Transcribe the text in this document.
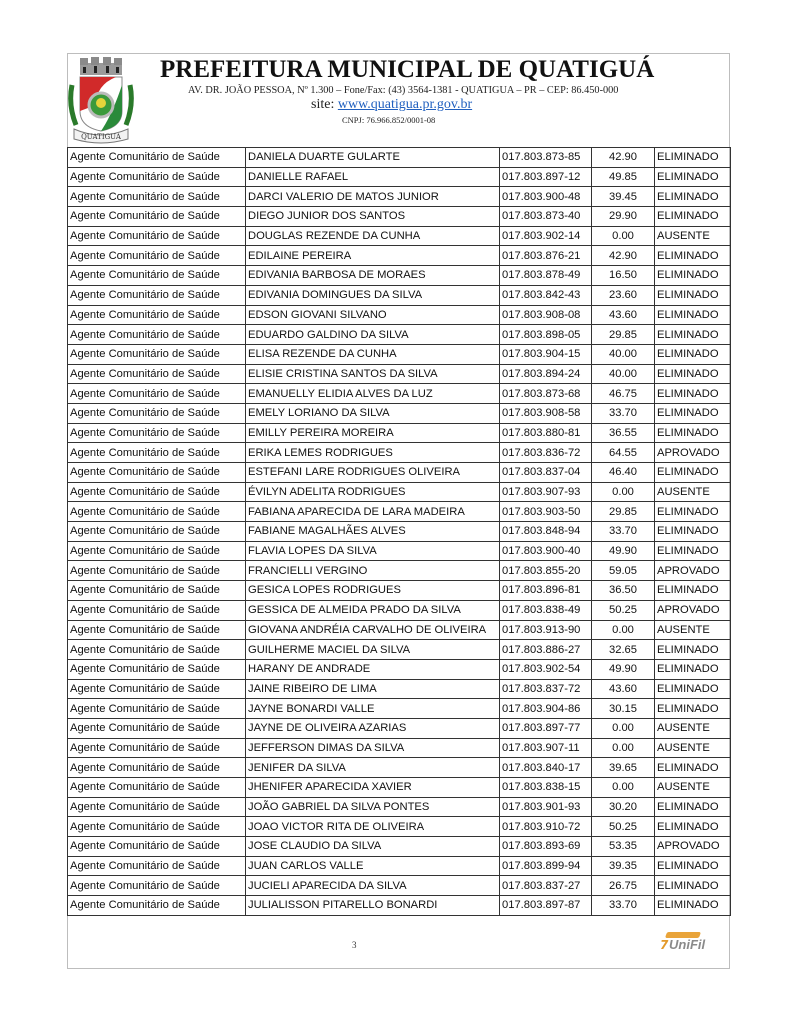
QUATIGUA
PREFEITURA MUNICIPAL DE QUATIGUÁ
AV. DR. JOÃO PESSOA, Nº 1.300 – Fone/Fax: (43) 3564-1381 - QUATIGUA – PR – CEP: 86.450-000
site: www.quatigua.pr.gov.br
CNPJ: 76.966.852/0001-08
Agente Comunitário de Saúde	DANIELA DUARTE GULARTE	017.803.873-85	42.90	ELIMINADO
Agente Comunitário de Saúde	DANIELLE RAFAEL	017.803.897-12	49.85	ELIMINADO
Agente Comunitário de Saúde	DARCI VALERIO DE MATOS JUNIOR	017.803.900-48	39.45	ELIMINADO
Agente Comunitário de Saúde	DIEGO JUNIOR DOS SANTOS	017.803.873-40	29.90	ELIMINADO
Agente Comunitário de Saúde	DOUGLAS REZENDE DA CUNHA	017.803.902-14	0.00	AUSENTE
Agente Comunitário de Saúde	EDILAINE PEREIRA	017.803.876-21	42.90	ELIMINADO
Agente Comunitário de Saúde	EDIVANIA BARBOSA DE MORAES	017.803.878-49	16.50	ELIMINADO
Agente Comunitário de Saúde	EDIVANIA DOMINGUES DA SILVA	017.803.842-43	23.60	ELIMINADO
Agente Comunitário de Saúde	EDSON GIOVANI SILVANO	017.803.908-08	43.60	ELIMINADO
Agente Comunitário de Saúde	EDUARDO GALDINO DA SILVA	017.803.898-05	29.85	ELIMINADO
Agente Comunitário de Saúde	ELISA REZENDE DA CUNHA	017.803.904-15	40.00	ELIMINADO
Agente Comunitário de Saúde	ELISIE CRISTINA SANTOS DA SILVA	017.803.894-24	40.00	ELIMINADO
Agente Comunitário de Saúde	EMANUELLY ELIDIA ALVES DA LUZ	017.803.873-68	46.75	ELIMINADO
Agente Comunitário de Saúde	EMELY LORIANO DA SILVA	017.803.908-58	33.70	ELIMINADO
Agente Comunitário de Saúde	EMILLY PEREIRA MOREIRA	017.803.880-81	36.55	ELIMINADO
Agente Comunitário de Saúde	ERIKA LEMES RODRIGUES	017.803.836-72	64.55	APROVADO
Agente Comunitário de Saúde	ESTEFANI LARE RODRIGUES OLIVEIRA	017.803.837-04	46.40	ELIMINADO
Agente Comunitário de Saúde	ÉVILYN ADELITA RODRIGUES	017.803.907-93	0.00	AUSENTE
Agente Comunitário de Saúde	FABIANA APARECIDA DE LARA MADEIRA	017.803.903-50	29.85	ELIMINADO
Agente Comunitário de Saúde	FABIANE MAGALHÃES ALVES	017.803.848-94	33.70	ELIMINADO
Agente Comunitário de Saúde	FLAVIA LOPES DA SILVA	017.803.900-40	49.90	ELIMINADO
Agente Comunitário de Saúde	FRANCIELLI VERGINO	017.803.855-20	59.05	APROVADO
Agente Comunitário de Saúde	GESICA LOPES RODRIGUES	017.803.896-81	36.50	ELIMINADO
Agente Comunitário de Saúde	GESSICA DE ALMEIDA PRADO DA SILVA	017.803.838-49	50.25	APROVADO
Agente Comunitário de Saúde	GIOVANA ANDRÉIA CARVALHO DE OLIVEIRA	017.803.913-90	0.00	AUSENTE
Agente Comunitário de Saúde	GUILHERME MACIEL DA SILVA	017.803.886-27	32.65	ELIMINADO
Agente Comunitário de Saúde	HARANY DE ANDRADE	017.803.902-54	49.90	ELIMINADO
Agente Comunitário de Saúde	JAINE RIBEIRO DE LIMA	017.803.837-72	43.60	ELIMINADO
Agente Comunitário de Saúde	JAYNE BONARDI VALLE	017.803.904-86	30.15	ELIMINADO
Agente Comunitário de Saúde	JAYNE DE OLIVEIRA AZARIAS	017.803.897-77	0.00	AUSENTE
Agente Comunitário de Saúde	JEFFERSON DIMAS DA SILVA	017.803.907-11	0.00	AUSENTE
Agente Comunitário de Saúde	JENIFER DA SILVA	017.803.840-17	39.65	ELIMINADO
Agente Comunitário de Saúde	JHENIFER APARECIDA XAVIER	017.803.838-15	0.00	AUSENTE
Agente Comunitário de Saúde	JOÃO GABRIEL DA SILVA PONTES	017.803.901-93	30.20	ELIMINADO
Agente Comunitário de Saúde	JOAO VICTOR RITA DE OLIVEIRA	017.803.910-72	50.25	ELIMINADO
Agente Comunitário de Saúde	JOSE CLAUDIO DA SILVA	017.803.893-69	53.35	APROVADO
Agente Comunitário de Saúde	JUAN CARLOS VALLE	017.803.899-94	39.35	ELIMINADO
Agente Comunitário de Saúde	JUCIELI APARECIDA DA SILVA	017.803.837-27	26.75	ELIMINADO
Agente Comunitário de Saúde	JULIALISSON PITARELLO BONARDI	017.803.897-87	33.70	ELIMINADO
3	7 UniFil
